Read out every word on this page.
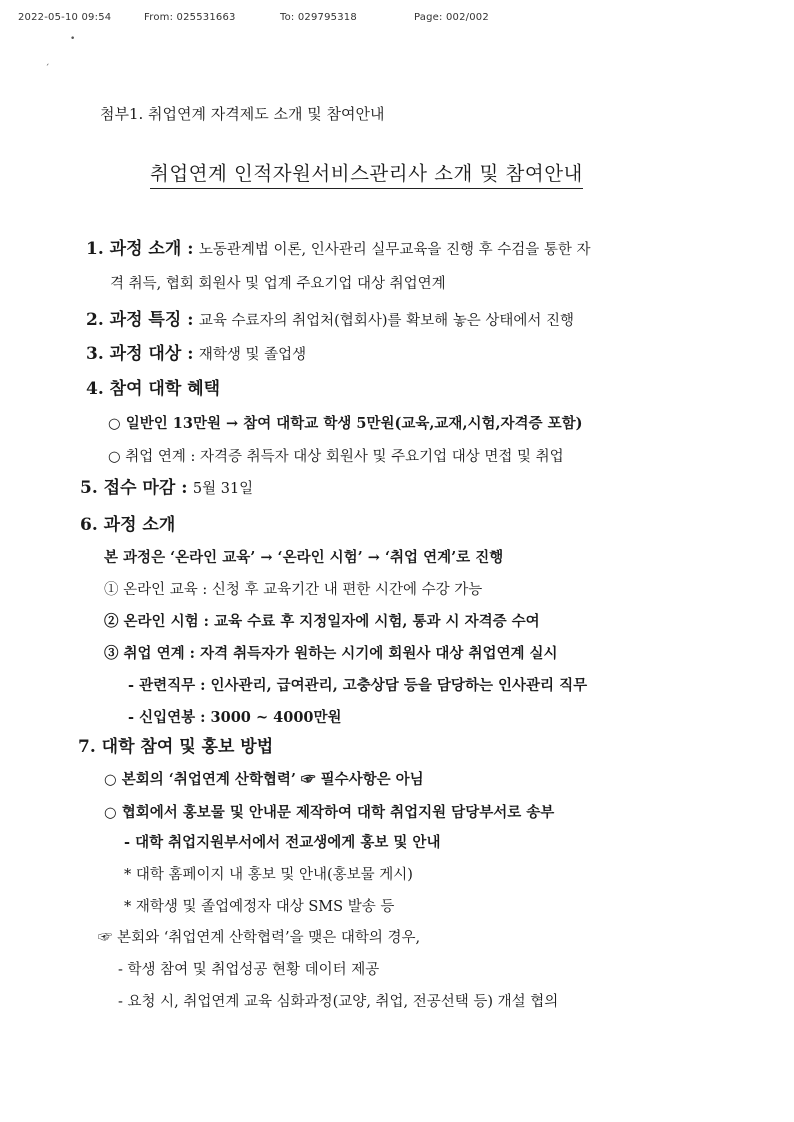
2022-05-10 09:54	From: 025531663	To: 029795318	Page: 002/002
•
ˊ
첨부1. 취업연계 자격제도 소개 및 참여안내
취업연계 인적자원서비스관리사 소개 및 참여안내
1. 과정 소개 : 노동관계법 이론, 인사관리 실무교육을 진행 후 수검을 통한 자
격 취득, 협회 회원사 및 업계 주요기업 대상 취업연계
2. 과정 특징 : 교육 수료자의 취업처(협회사)를 확보해 놓은 상태에서 진행
3. 과정 대상 : 재학생 및 졸업생
4. 참여 대학 혜택
○ 일반인 13만원 → 참여 대학교 학생 5만원(교육,교재,시험,자격증 포함)
○ 취업 연계 : 자격증 취득자 대상 회원사 및 주요기업 대상 면접 및 취업
5. 접수 마감 : 5월 31일
6. 과정 소개
본 과정은 ‘온라인 교육’ → ‘온라인 시험’ → ‘취업 연계’로 진행
① 온라인 교육 : 신청 후 교육기간 내 편한 시간에 수강 가능
② 온라인 시험 : 교육 수료 후 지정일자에 시험, 통과 시 자격증 수여
③ 취업 연계 : 자격 취득자가 원하는 시기에 회원사 대상 취업연계 실시
- 관련직무 : 인사관리, 급여관리, 고충상담 등을 담당하는 인사관리 직무
- 신입연봉 : 3000 ~ 4000만원
7. 대학 참여 및 홍보 방법
○ 본회의 ‘취업연계 산학협력’ ☞ 필수사항은 아님
○ 협회에서 홍보물 및 안내문 제작하여 대학 취업지원 담당부서로 송부
- 대학 취업지원부서에서 전교생에게 홍보 및 안내
* 대학 홈페이지 내 홍보 및 안내(홍보물 게시)
* 재학생 및 졸업예정자 대상 SMS 발송 등
☞ 본회와 ‘취업연계 산학협력’을 맺은 대학의 경우,
- 학생 참여 및 취업성공 현황 데이터 제공
- 요청 시, 취업연계 교육 심화과정(교양, 취업, 전공선택 등) 개설 협의
